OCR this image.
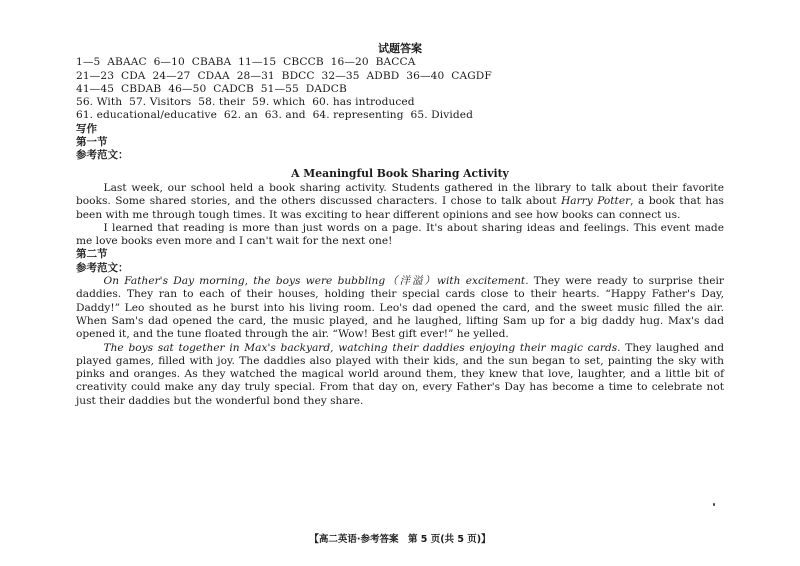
试题答案
1—5  ABAAC  6—10  CBABA  11—15  CBCCB  16—20  BACCA
21—23  CDA  24—27  CDAA  28—31  BDCC  32—35  ADBD  36—40  CAGDF
41—45  CBDAB  46—50  CADCB  51—55  DADCB
56. With  57. Visitors  58. their  59. which  60. has introduced
61. educational/educative  62. an  63. and  64. representing  65. Divided
写作
第一节
参考范文：
A Meaningful Book Sharing Activity

Last week, our school held a book sharing activity. Students gathered in the library to talk about their favorite books. Some shared stories, and the others discussed characters. I chose to talk about Harry Potter, a book that has been with me through tough times. It was exciting to hear different opinions and see how books can connect us.

I learned that reading is more than just words on a page. It's about sharing ideas and feelings. This event made me love books even more and I can't wait for the next one!

第二节
参考范文：

On Father's Day morning, the boys were bubbling（洋溢）with excitement. They were ready to surprise their daddies. They ran to each of their houses, holding their special cards close to their hearts. “Happy Father's Day, Daddy!” Leo shouted as he burst into his living room. Leo's dad opened the card, and the sweet music filled the air. When Sam's dad opened the card, the music played, and he laughed, lifting Sam up for a big daddy hug. Max's dad opened it, and the tune floated through the air. “Wow! Best gift ever!” he yelled.

The boys sat together in Max's backyard, watching their daddies enjoying their magic cards. They laughed and played games, filled with joy. The daddies also played with their kids, and the sun began to set, painting the sky with pinks and oranges. As they watched the magical world around them, they knew that love, laughter, and a little bit of creativity could make any day truly special. From that day on, every Father's Day has become a time to celebrate not just their daddies but the wonderful bond they share.

【高二英语·参考答案　第 5 页(共 5 页)】
